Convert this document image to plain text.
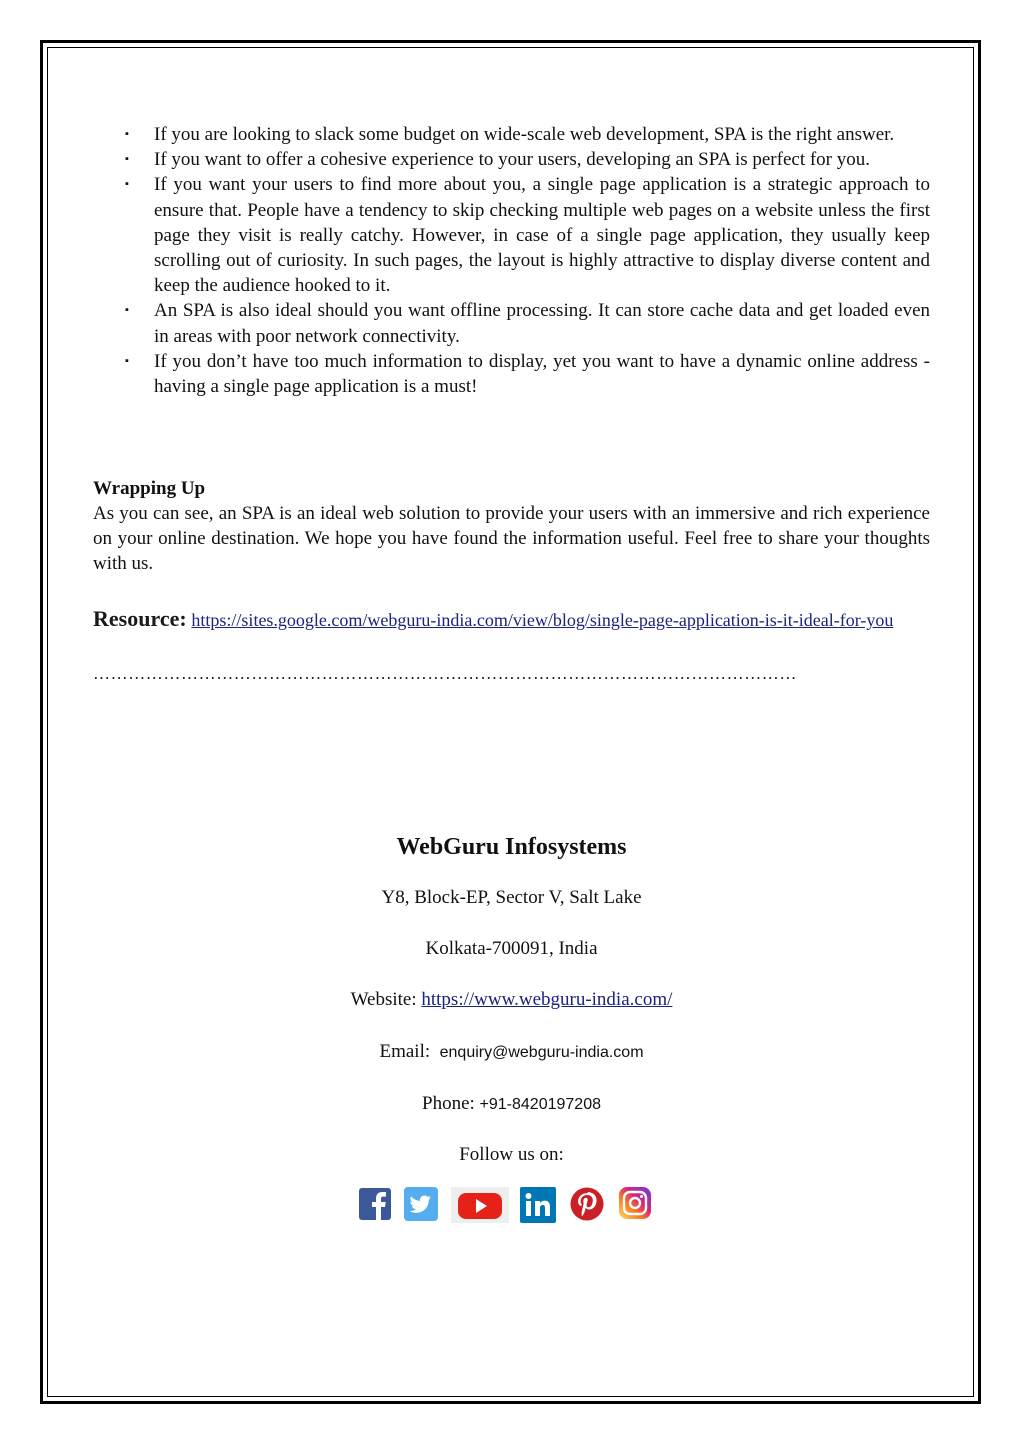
▪ If you are looking to slack some budget on wide-scale web development, SPA is the right answer.
▪ If you want to offer a cohesive experience to your users, developing an SPA is perfect for you.
▪ If you want your users to find more about you, a single page application is a strategic approach to ensure that. People have a tendency to skip checking multiple web pages on a website unless the first page they visit is really catchy. However, in case of a single page application, they usually keep scrolling out of curiosity. In such pages, the layout is highly attractive to display diverse content and keep the audience hooked to it.
▪ An SPA is also ideal should you want offline processing. It can store cache data and get loaded even in areas with poor network connectivity.
▪ If you don’t have too much information to display, yet you want to have a dynamic online address - having a single page application is a must!
Wrapping Up
As you can see, an SPA is an ideal web solution to provide your users with an immersive and rich experience on your online destination. We hope you have found the information useful. Feel free to share your thoughts with us.
Resource: https://sites.google.com/webguru-india.com/view/blog/single-page-application-is-it-ideal-for-you
…………………………………………………………………………………………………………
WebGuru Infosystems
Y8, Block-EP, Sector V, Salt Lake
Kolkata-700091, India
Website: https://www.webguru-india.com/
Email: enquiry@webguru-india.com
Phone: +91-8420197208
Follow us on:
